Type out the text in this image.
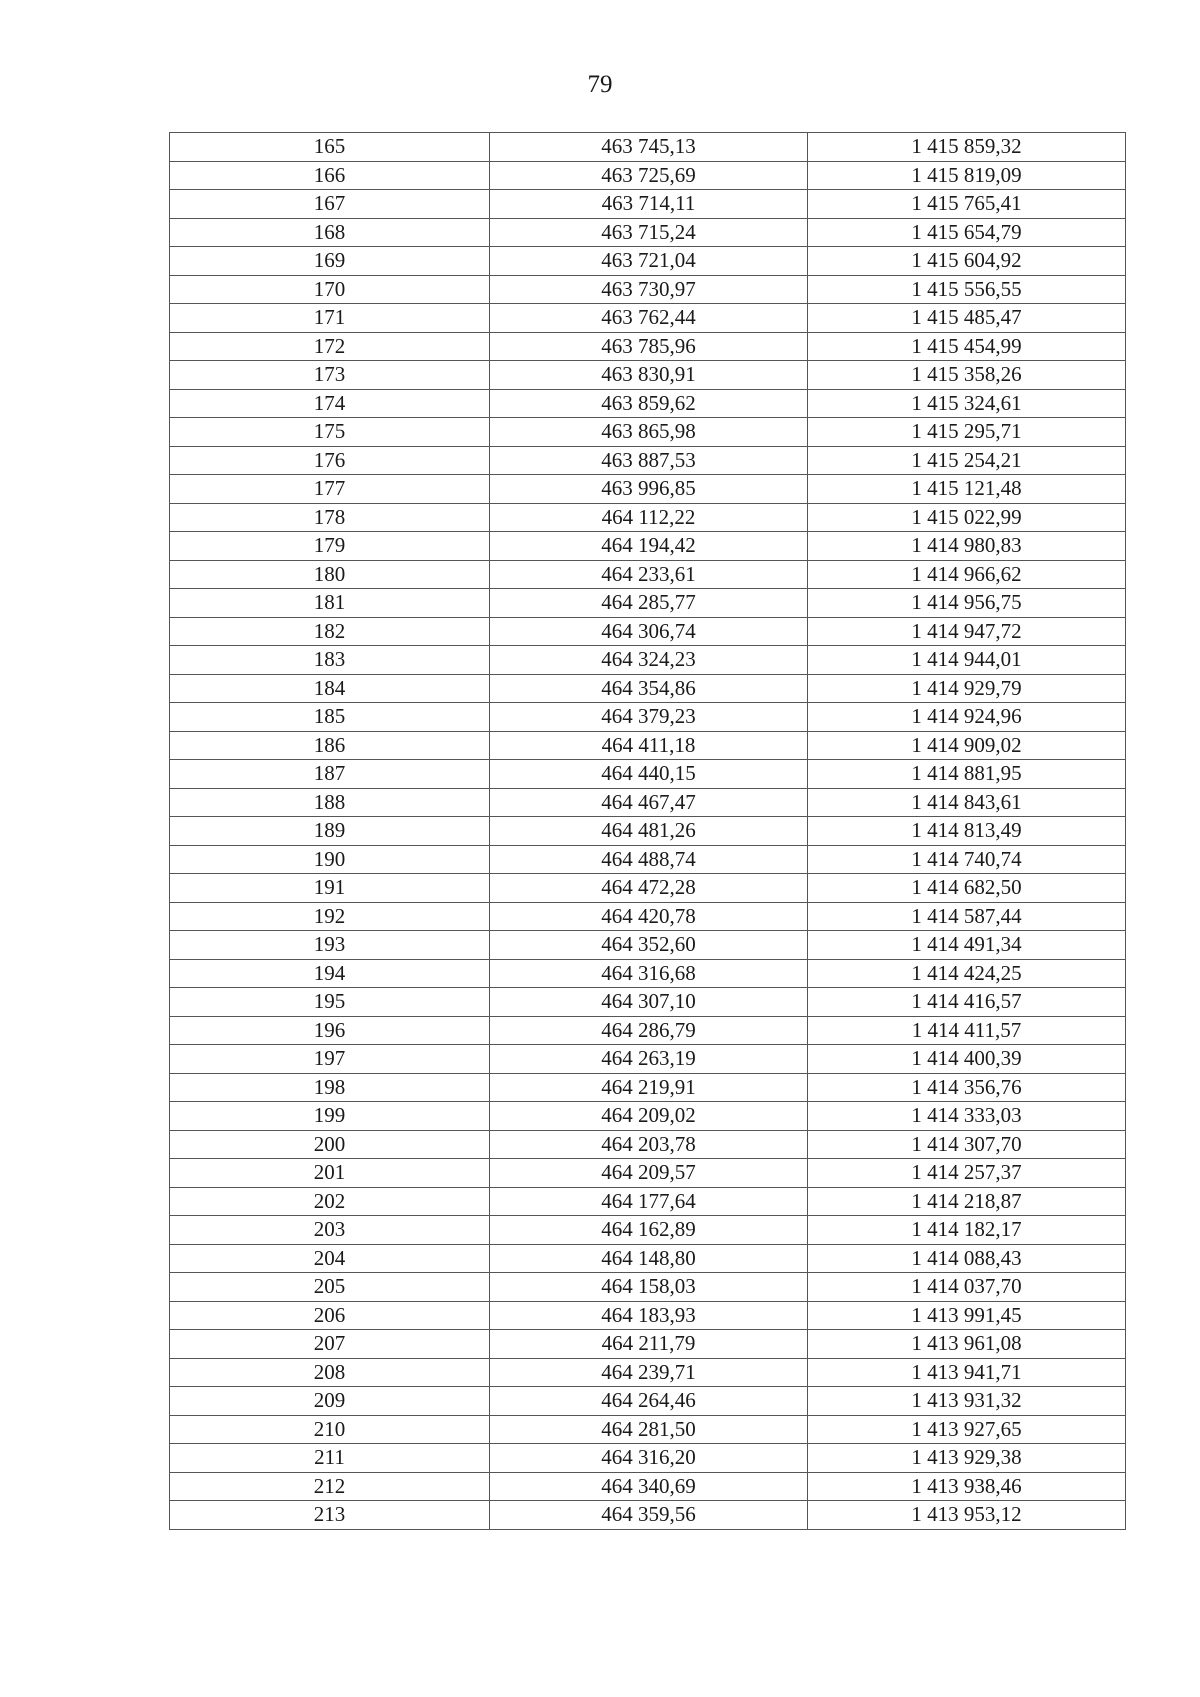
79
165	463 745,13	1 415 859,32
166	463 725,69	1 415 819,09
167	463 714,11	1 415 765,41
168	463 715,24	1 415 654,79
169	463 721,04	1 415 604,92
170	463 730,97	1 415 556,55
171	463 762,44	1 415 485,47
172	463 785,96	1 415 454,99
173	463 830,91	1 415 358,26
174	463 859,62	1 415 324,61
175	463 865,98	1 415 295,71
176	463 887,53	1 415 254,21
177	463 996,85	1 415 121,48
178	464 112,22	1 415 022,99
179	464 194,42	1 414 980,83
180	464 233,61	1 414 966,62
181	464 285,77	1 414 956,75
182	464 306,74	1 414 947,72
183	464 324,23	1 414 944,01
184	464 354,86	1 414 929,79
185	464 379,23	1 414 924,96
186	464 411,18	1 414 909,02
187	464 440,15	1 414 881,95
188	464 467,47	1 414 843,61
189	464 481,26	1 414 813,49
190	464 488,74	1 414 740,74
191	464 472,28	1 414 682,50
192	464 420,78	1 414 587,44
193	464 352,60	1 414 491,34
194	464 316,68	1 414 424,25
195	464 307,10	1 414 416,57
196	464 286,79	1 414 411,57
197	464 263,19	1 414 400,39
198	464 219,91	1 414 356,76
199	464 209,02	1 414 333,03
200	464 203,78	1 414 307,70
201	464 209,57	1 414 257,37
202	464 177,64	1 414 218,87
203	464 162,89	1 414 182,17
204	464 148,80	1 414 088,43
205	464 158,03	1 414 037,70
206	464 183,93	1 413 991,45
207	464 211,79	1 413 961,08
208	464 239,71	1 413 941,71
209	464 264,46	1 413 931,32
210	464 281,50	1 413 927,65
211	464 316,20	1 413 929,38
212	464 340,69	1 413 938,46
213	464 359,56	1 413 953,12
